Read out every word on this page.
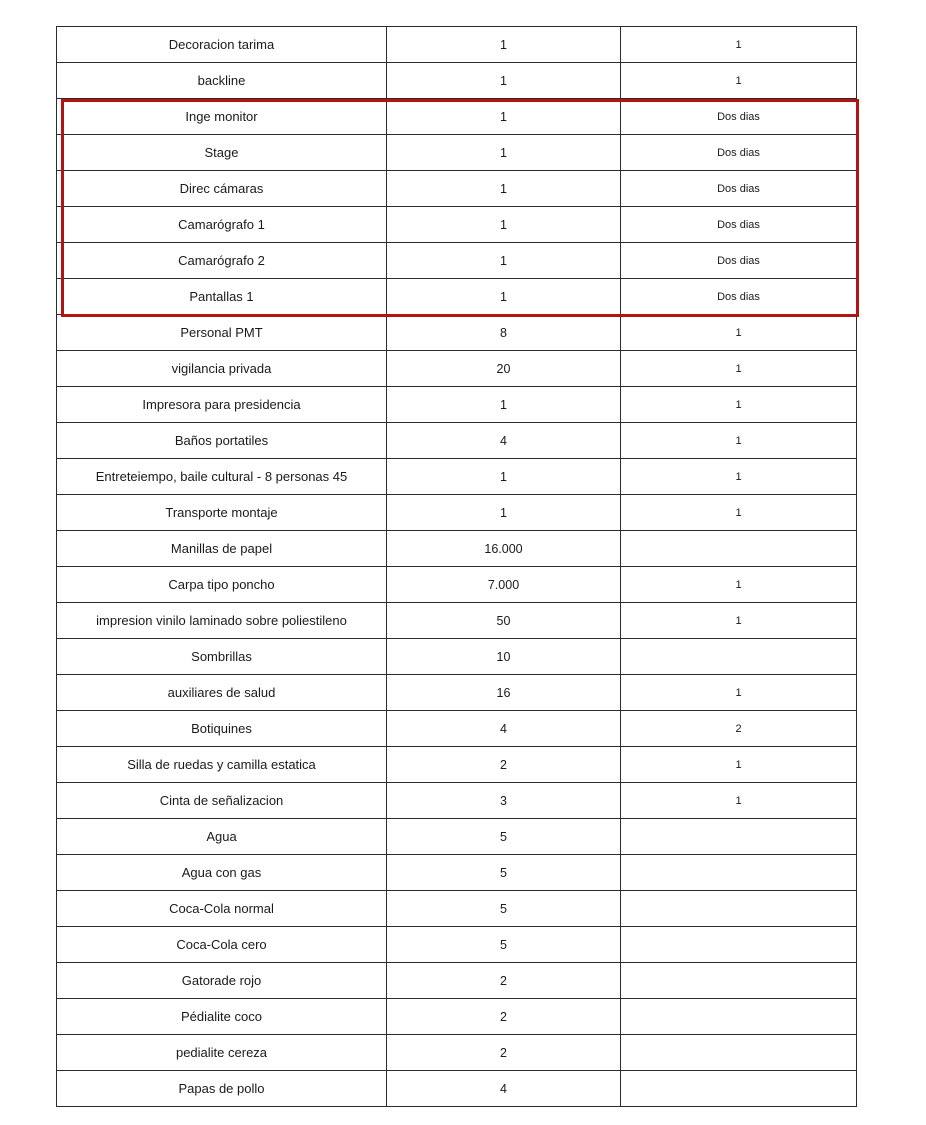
Decoracion tarima	1	1
backline	1	1
Inge monitor	1	Dos dias
Stage	1	Dos dias
Direc cámaras	1	Dos dias
Camarógrafo 1	1	Dos dias
Camarógrafo 2	1	Dos dias
Pantallas 1	1	Dos dias
Personal PMT	8	1
vigilancia privada	20	1
Impresora para presidencia	1	1
Baños portatiles	4	1
Entreteiempo, baile cultural - 8 personas 45	1	1
Transporte montaje	1	1
Manillas de papel	16.000	
Carpa tipo poncho	7.000	1
impresion vinilo laminado sobre poliestileno	50	1
Sombrillas	10	
auxiliares de salud	16	1
Botiquines	4	2
Silla de ruedas y camilla estatica	2	1
Cinta de señalizacion	3	1
Agua	5	
Agua con gas	5	
Coca-Cola normal	5	
Coca-Cola cero	5	
Gatorade rojo	2	
Pédialite coco	2	
pedialite cereza	2	
Papas de pollo	4	
